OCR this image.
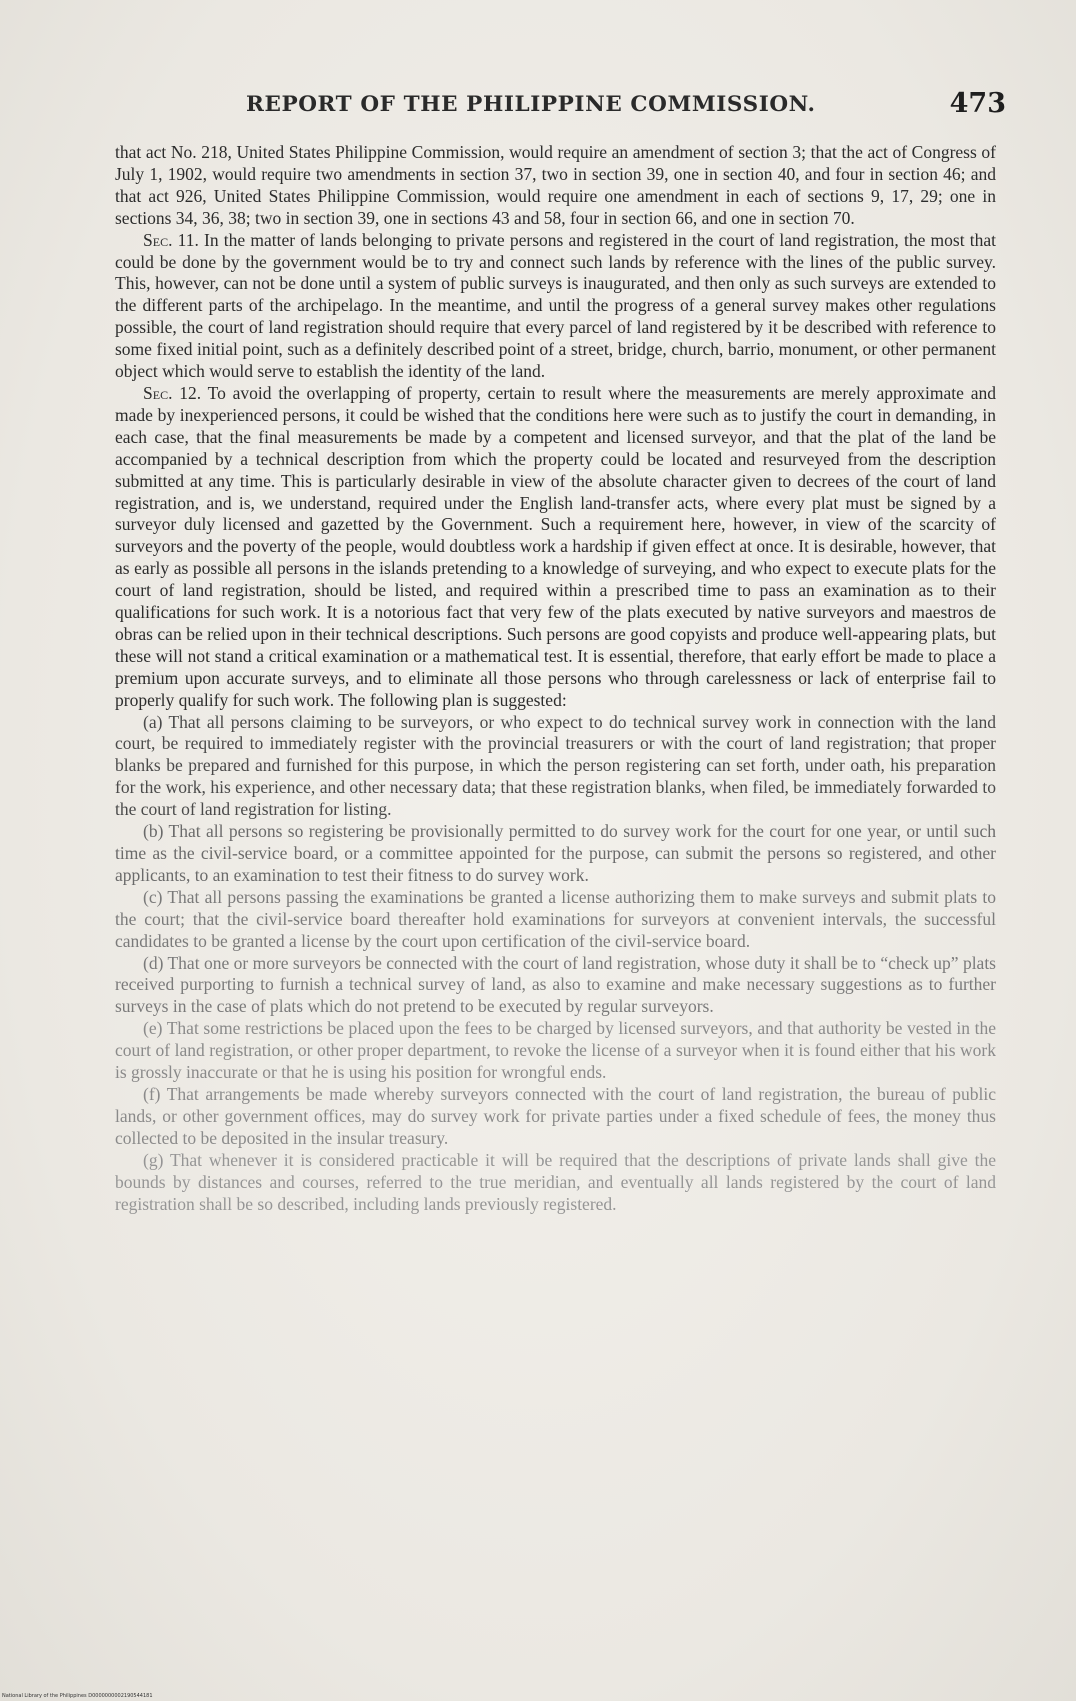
REPORT OF THE PHILIPPINE COMMISSION.	473

that act No. 218, United States Philippine Commission, would require an amendment of section 3; that the act of Congress of July 1, 1902, would require two amendments in section 37, two in section 39, one in section 40, and four in section 46; and that act 926, United States Philippine Commission, would require one amendment in each of sections 9, 17, 29; one in sections 34, 36, 38; two in section 39, one in sections 43 and 58, four in section 66, and one in section 70.

Sec. 11. In the matter of lands belonging to private persons and registered in the court of land registration, the most that could be done by the government would be to try and connect such lands by reference with the lines of the public survey. This, however, can not be done until a system of public surveys is inaugurated, and then only as such surveys are extended to the different parts of the archipelago. In the meantime, and until the progress of a general survey makes other regulations possible, the court of land registration should require that every parcel of land registered by it be described with reference to some fixed initial point, such as a definitely described point of a street, bridge, church, barrio, monument, or other permanent object which would serve to establish the identity of the land.

Sec. 12. To avoid the overlapping of property, certain to result where the measurements are merely approximate and made by inexperienced persons, it could be wished that the conditions here were such as to justify the court in demanding, in each case, that the final measurements be made by a competent and licensed surveyor, and that the plat of the land be accompanied by a technical description from which the property could be located and resurveyed from the description submitted at any time. This is particularly desirable in view of the absolute character given to decrees of the court of land registration, and is, we understand, required under the English land-transfer acts, where every plat must be signed by a surveyor duly licensed and gazetted by the Government. Such a requirement here, however, in view of the scarcity of surveyors and the poverty of the people, would doubtless work a hardship if given effect at once. It is desirable, however, that as early as possible all persons in the islands pretending to a knowledge of surveying, and who expect to execute plats for the court of land registration, should be listed, and required within a prescribed time to pass an examination as to their qualifications for such work. It is a notorious fact that very few of the plats executed by native surveyors and maestros de obras can be relied upon in their technical descriptions. Such persons are good copyists and produce well-appearing plats, but these will not stand a critical examination or a mathematical test. It is essential, therefore, that early effort be made to place a premium upon accurate surveys, and to eliminate all those persons who through carelessness or lack of enterprise fail to properly qualify for such work. The following plan is suggested:

(a) That all persons claiming to be surveyors, or who expect to do technical survey work in connection with the land court, be required to immediately register with the provincial treasurers or with the court of land registration; that proper blanks be prepared and furnished for this purpose, in which the person registering can set forth, under oath, his preparation for the work, his experience, and other necessary data; that these registration blanks, when filed, be immediately forwarded to the court of land registration for listing.

(b) That all persons so registering be provisionally permitted to do survey work for the court for one year, or until such time as the civil-service board, or a committee appointed for the purpose, can submit the persons so registered, and other applicants, to an examination to test their fitness to do survey work.

(c) That all persons passing the examinations be granted a license authorizing them to make surveys and submit plats to the court; that the civil-service board thereafter hold examinations for surveyors at convenient intervals, the successful candidates to be granted a license by the court upon certification of the civil-service board.

(d) That one or more surveyors be connected with the court of land registration, whose duty it shall be to “check up” plats received purporting to furnish a technical survey of land, as also to examine and make necessary suggestions as to further surveys in the case of plats which do not pretend to be executed by regular surveyors.

(e) That some restrictions be placed upon the fees to be charged by licensed surveyors, and that authority be vested in the court of land registration, or other proper department, to revoke the license of a surveyor when it is found either that his work is grossly inaccurate or that he is using his position for wrongful ends.

(f) That arrangements be made whereby surveyors connected with the court of land registration, the bureau of public lands, or other government offices, may do survey work for private parties under a fixed schedule of fees, the money thus collected to be deposited in the insular treasury.

(g) That whenever it is considered practicable it will be required that the descriptions of private lands shall give the bounds by distances and courses, referred to the true meridian, and eventually all lands registered by the court of land registration shall be so described, including lands previously registered.

National Library of the Philippines D0000000002190544181
